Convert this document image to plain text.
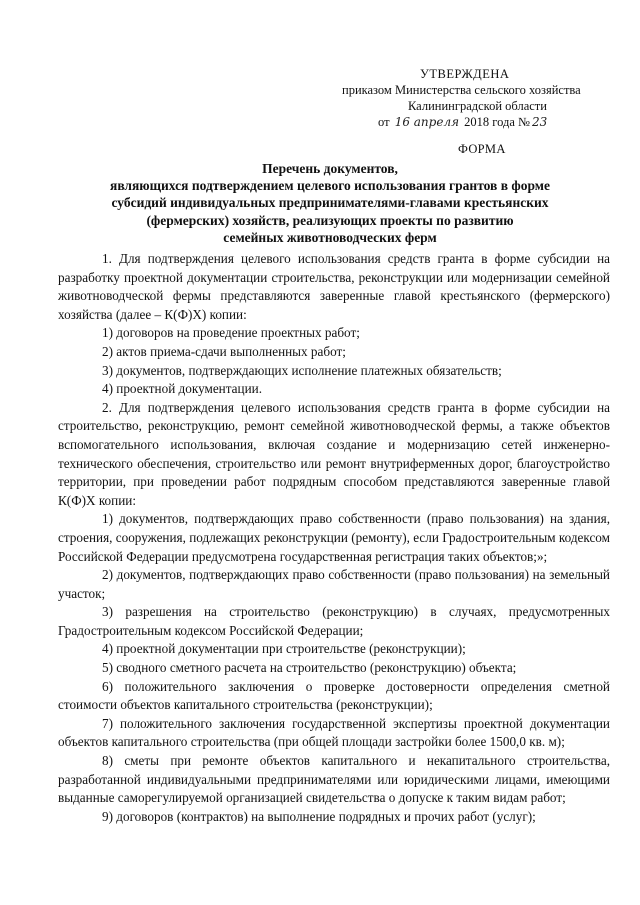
УТВЕРЖДЕНА
приказом Министерства сельского хозяйства
Калининградской области
от 16 апреля 2018 года № 23
ФОРМА
Перечень документов,
являющихся подтверждением целевого использования грантов в форме
субсидий индивидуальных предпринимателями-главами крестьянских
(фермерских) хозяйств, реализующих проекты по развитию
семейных животноводческих ферм

1. Для подтверждения целевого использования средств гранта в форме субсидии на разработку проектной документации строительства, реконструкции или модернизации семейной животноводческой фермы представляются заверенные главой крестьянского (фермерского) хозяйства (далее – К(Ф)Х) копии:

1) договоров на проведение проектных работ;

2) актов приема-сдачи выполненных работ;

3) документов, подтверждающих исполнение платежных обязательств;

4) проектной документации.

2. Для подтверждения целевого использования средств гранта в форме субсидии на строительство, реконструкцию, ремонт семейной животноводческой фермы, а также объектов вспомогательного использования, включая создание и модернизацию сетей инженерно-технического обеспечения, строительство или ремонт внутриферменных дорог, благоустройство территории, при проведении работ подрядным способом представляются заверенные главой К(Ф)Х копии:

1) документов, подтверждающих право собственности (право пользования) на здания, строения, сооружения, подлежащих реконструкции (ремонту), если Градостроительным кодексом Российской Федерации предусмотрена государственная регистрация таких объектов;»;

2) документов, подтверждающих право собственности (право пользования) на земельный участок;

3) разрешения на строительство (реконструкцию) в случаях, предусмотренных Градостроительным кодексом Российской Федерации;

4) проектной документации при строительстве (реконструкции);

5) сводного сметного расчета на строительство (реконструкцию) объекта;

6) положительного заключения о проверке достоверности определения сметной стоимости объектов капитального строительства (реконструкции);

7) положительного заключения государственной экспертизы проектной документации объектов капитального строительства (при общей площади застройки более 1500,0 кв. м);

8) сметы при ремонте объектов капитального и некапитального строительства, разработанной индивидуальными предпринимателями или юридическими лицами, имеющими выданные саморегулируемой организацией свидетельства о допуске к таким видам работ;

9) договоров (контрактов) на выполнение подрядных и прочих работ (услуг);
